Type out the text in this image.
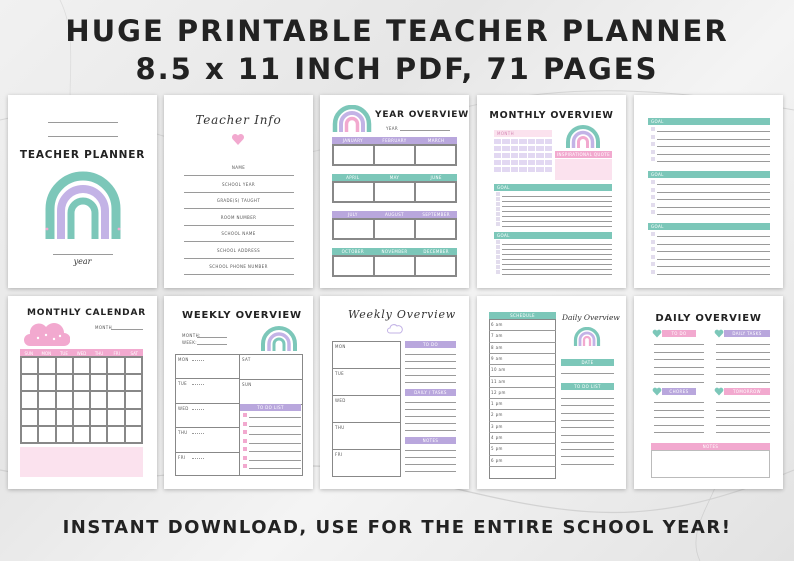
HUGE PRINTABLE TEACHER PLANNER
8.5 x 11 INCH PDF, 71 PAGES
TEACHER PLANNER
year
Teacher Info
NAME
SCHOOL YEAR
GRADE(S) TAUGHT
ROOM NUMBER
SCHOOL NAME
SCHOOL ADDRESS
SCHOOL PHONE NUMBER
YEAR OVERVIEW
YEAR
JANUARY	FEBRUARY	MARCH
APRIL	MAY	JUNE
JULY	AUGUST	SEPTEMBER
OCTOBER	NOVEMBER	DECEMBER
MONTHLY OVERVIEW
MONTH
INSPIRATIONAL QUOTE
GOAL
GOAL
GOAL
GOAL
GOAL
MONTHLY CALENDAR
MONTH
SUN	MON	TUE	WED	THU	FRI	SAT
WEEKLY OVERVIEW
MONTH:
WEEK:
MON
TUE
WED
THU
FRI
SAT
SUN
TO DO LIST
Weekly Overview
MON
TUE
WED
THU
FRI
TO DO
DAILY / TASKS
NOTES
SCHEDULE
6 am
7 am
8 am
9 am
10 am
11 am
12 pm
1 pm
2 pm
3 pm
4 pm
5 pm
6 pm
Daily Overview
DATE
TO DO LIST
DAILY OVERVIEW
TO DO	DAILY TASKS
CHORES	TOMORROW
NOTES
INSTANT DOWNLOAD, USE FOR THE ENTIRE SCHOOL YEAR!
